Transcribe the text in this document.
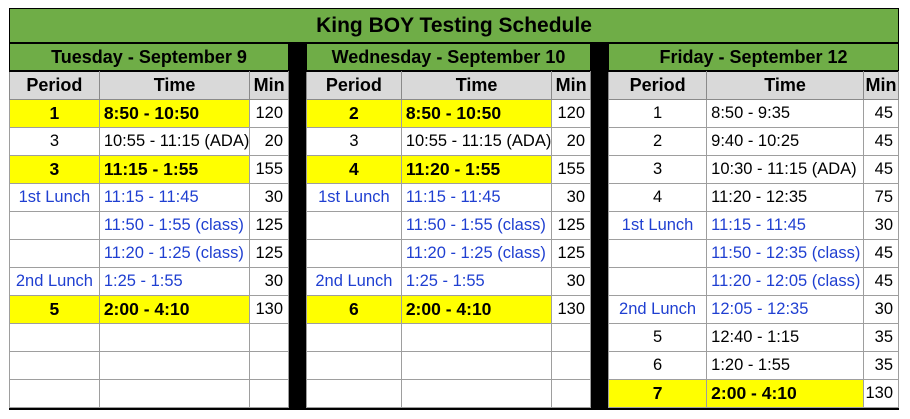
King BOY Testing Schedule
Tuesday - September 9
Period	Time	Min
1	8:50 - 10:50	120
3	10:55 - 11:15 (ADA)	20
3	11:15 - 1:55	155
1st Lunch	11:15 - 11:45	30
	11:50 - 1:55 (class)	125
	11:20 - 1:25 (class)	125
2nd Lunch	1:25 - 1:55	30
5	2:00 - 4:10	130

Wednesday - September 10
Period	Time	Min
2	8:50 - 10:50	120
3	10:55 - 11:15 (ADA)	20
4	11:20 - 1:55	155
1st Lunch	11:15 - 11:45	30
	11:50 - 1:55 (class)	125
	11:20 - 1:25 (class)	125
2nd Lunch	1:25 - 1:55	30
6	2:00 - 4:10	130

Friday - September 12
Period	Time	Min
1	8:50 - 9:35	45
2	9:40 - 10:25	45
3	10:30 - 11:15 (ADA)	45
4	11:20 - 12:35	75
1st Lunch	11:15 - 11:45	30
	11:50 - 12:35 (class)	45
	11:20 - 12:05 (class)	45
2nd Lunch	12:05 - 12:35	30
5	12:40 - 1:15	35
6	1:20 - 1:55	35
7	2:00 - 4:10	130
